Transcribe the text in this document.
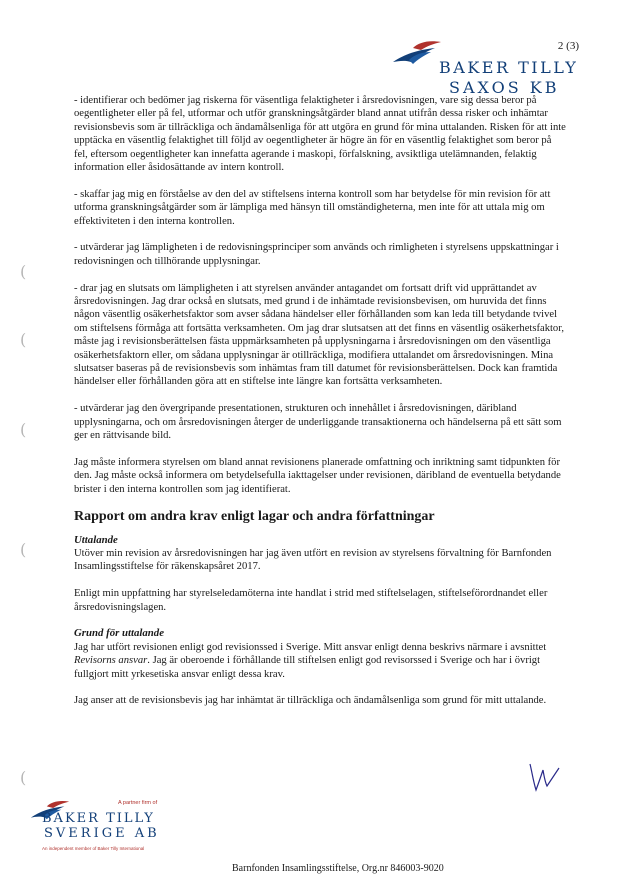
2 (3)
BAKER TILLY
SAXOS KB

- identifierar och bedömer jag riskerna för väsentliga felaktigheter i årsredovisningen, vare sig dessa beror på oegentligheter eller på fel, utformar och utför granskningsåtgärder bland annat utifrån dessa risker och inhämtar revisionsbevis som är tillräckliga och ändamålsenliga för att utgöra en grund för mina uttalanden. Risken för att inte upptäcka en väsentlig felaktighet till följd av oegentligheter är högre än för en väsentlig felaktighet som beror på fel, eftersom oegentligheter kan innefatta agerande i maskopi, förfalskning, avsiktliga utelämnanden, felaktig information eller åsidosättande av intern kontroll.

- skaffar jag mig en förståelse av den del av stiftelsens interna kontroll som har betydelse för min revision för att utforma granskningsåtgärder som är lämpliga med hänsyn till omständigheterna, men inte för att uttala mig om effektiviteten i den interna kontrollen.

- utvärderar jag lämpligheten i de redovisningsprinciper som används och rimligheten i styrelsens uppskattningar i redovisningen och tillhörande upplysningar.

- drar jag en slutsats om lämpligheten i att styrelsen använder antagandet om fortsatt drift vid upprättandet av årsredovisningen. Jag drar också en slutsats, med grund i de inhämtade revisionsbevisen, om huruvida det finns någon väsentlig osäkerhetsfaktor som avser sådana händelser eller förhållanden som kan leda till betydande tvivel om stiftelsens förmåga att fortsätta verksamheten. Om jag drar slutsatsen att det finns en väsentlig osäkerhetsfaktor, måste jag i revisionsberättelsen fästa uppmärksamheten på upplysningarna i årsredovisningen om den väsentliga osäkerhetsfaktorn eller, om sådana upplysningar är otillräckliga, modifiera uttalandet om årsredovisningen. Mina slutsatser baseras på de revisionsbevis som inhämtas fram till datumet för revisionsberättelsen. Dock kan framtida händelser eller förhållanden göra att en stiftelse inte längre kan fortsätta verksamheten.

- utvärderar jag den övergripande presentationen, strukturen och innehållet i årsredovisningen, däribland upplysningarna, och om årsredovisningen återger de underliggande transaktionerna och händelserna på ett sätt som ger en rättvisande bild.

Jag måste informera styrelsen om bland annat revisionens planerade omfattning och inriktning samt tidpunkten för den. Jag måste också informera om betydelsefulla iakttagelser under revisionen, däribland de eventuella betydande brister i den interna kontrollen som jag identifierat.

Rapport om andra krav enligt lagar och andra författningar
Uttalande

Utöver min revision av årsredovisningen har jag även utfört en revision av styrelsens förvaltning för Barnfonden Insamlingsstiftelse för räkenskapsåret 2017.

Enligt min uppfattning har styrelseledamöterna inte handlat i strid med stiftelselagen, stiftelseförordnandet eller årsredovisningslagen.

Grund för uttalande

Jag har utfört revisionen enligt god revisionssed i Sverige. Mitt ansvar enligt denna beskrivs närmare i avsnittet Revisorns ansvar. Jag är oberoende i förhållande till stiftelsen enligt god revisorssed i Sverige och har i övrigt fullgjort mitt yrkesetiska ansvar enligt dessa krav.

Jag anser att de revisionsbevis jag har inhämtat är tillräckliga och ändamålsenliga som grund för mitt uttalande.

(
(
(
(
(
A partner firm of
BAKER TILLY
SVERIGE AB
An independent member of Baker Tilly International
Barnfonden Insamlingsstiftelse, Org.nr 846003-9020
